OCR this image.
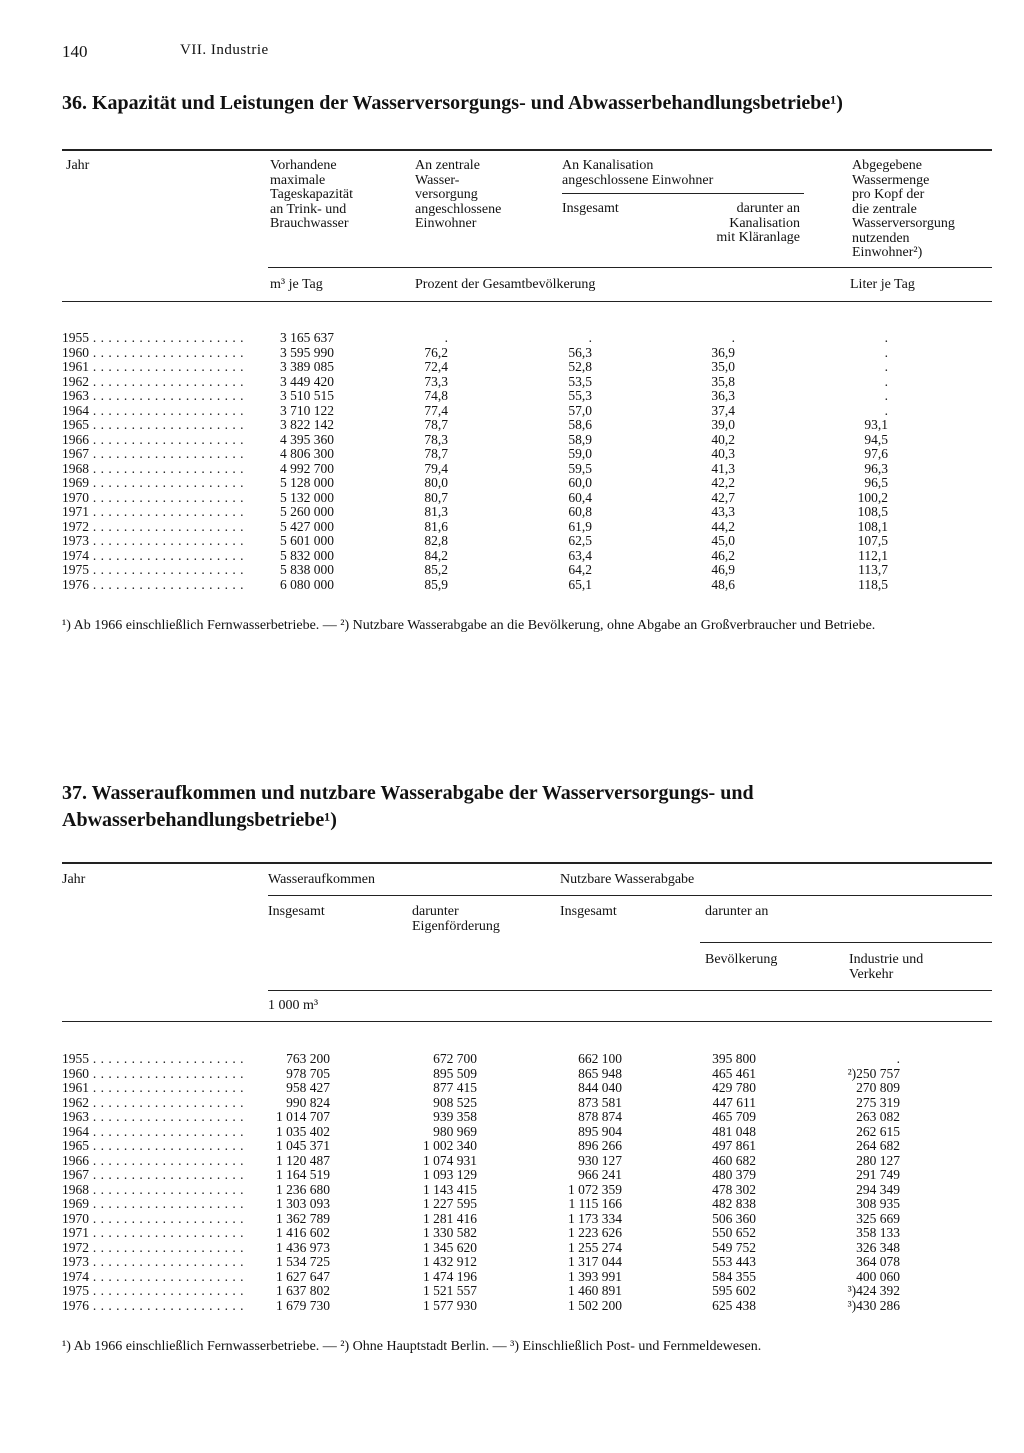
140	VII. Industrie
36. Kapazität und Leistungen der Wasserversorgungs- und Abwasserbehandlungsbetriebe¹)
Jahr	Vorhandene
maximale
Tageskapazität
an Trink- und
Brauchwasser
An zentrale
Wasser-
versorgung
angeschlossene
Einwohner
An Kanalisation
angeschlossene Einwohner
Insgesamt	darunter an
Kanalisation
mit Kläranlage
Abgegebene
Wassermenge
pro Kopf der
die zentrale
Wasserversorgung
nutzenden
Einwohner²)
m³ je Tag	Prozent der Gesamtbevölkerung	Liter je Tag
1955 . . .	3 165 637	.	.	.	.
1960 . . .	3 595 990	76,2	56,3	36,9	.
1961 . . .	3 389 085	72,4	52,8	35,0	.
1962 . . .	3 449 420	73,3	53,5	35,8	.
1963 . . .	3 510 515	74,8	55,3	36,3	.
1964 . . .	3 710 122	77,4	57,0	37,4	.
1965 . . .	3 822 142	78,7	58,6	39,0	93,1
1966 . . .	4 395 360	78,3	58,9	40,2	94,5
1967 . . .	4 806 300	78,7	59,0	40,3	97,6
1968 . . .	4 992 700	79,4	59,5	41,3	96,3
1969 . . .	5 128 000	80,0	60,0	42,2	96,5
1970 . . .	5 132 000	80,7	60,4	42,7	100,2
1971 . . .	5 260 000	81,3	60,8	43,3	108,5
1972 . . .	5 427 000	81,6	61,9	44,2	108,1
1973 . . .	5 601 000	82,8	62,5	45,0	107,5
1974 . . .	5 832 000	84,2	63,4	46,2	112,1
1975 . . .	5 838 000	85,2	64,2	46,9	113,7
1976 . . .	6 080 000	85,9	65,1	48,6	118,5
¹) Ab 1966 einschließlich Fernwasserbetriebe. — ²) Nutzbare Wasserabgabe an die Bevölkerung, ohne Abgabe an Großverbraucher und Betriebe.
37. Wasseraufkommen und nutzbare Wasserabgabe der Wasserversorgungs- und Abwasserbehandlungsbetriebe¹)
Jahr	Wasseraufkommen	Nutzbare Wasserabgabe
Insgesamt	darunter
Eigenförderung
Insgesamt	darunter an
Bevölkerung	Industrie und
Verkehr
1 000 m³
1955 . . .	763 200	672 700	662 100	395 800	.
1960 . . .	978 705	895 509	865 948	465 461	²)250 757
1961 . . .	958 427	877 415	844 040	429 780	270 809
1962 . . .	990 824	908 525	873 581	447 611	275 319
1963 . . .	1 014 707	939 358	878 874	465 709	263 082
1964 . . .	1 035 402	980 969	895 904	481 048	262 615
1965 . . .	1 045 371	1 002 340	896 266	497 861	264 682
1966 . . .	1 120 487	1 074 931	930 127	460 682	280 127
1967 . . .	1 164 519	1 093 129	966 241	480 379	291 749
1968 . . .	1 236 680	1 143 415	1 072 359	478 302	294 349
1969 . . .	1 303 093	1 227 595	1 115 166	482 838	308 935
1970 . . .	1 362 789	1 281 416	1 173 334	506 360	325 669
1971 . . .	1 416 602	1 330 582	1 223 626	550 652	358 133
1972 . . .	1 436 973	1 345 620	1 255 274	549 752	326 348
1973 . . .	1 534 725	1 432 912	1 317 044	553 443	364 078
1974 . . .	1 627 647	1 474 196	1 393 991	584 355	400 060
1975 . . .	1 637 802	1 521 557	1 460 891	595 602	³)424 392
1976 . . .	1 679 730	1 577 930	1 502 200	625 438	³)430 286
¹) Ab 1966 einschließlich Fernwasserbetriebe. — ²) Ohne Hauptstadt Berlin. — ³) Einschließlich Post- und Fernmeldewesen.
